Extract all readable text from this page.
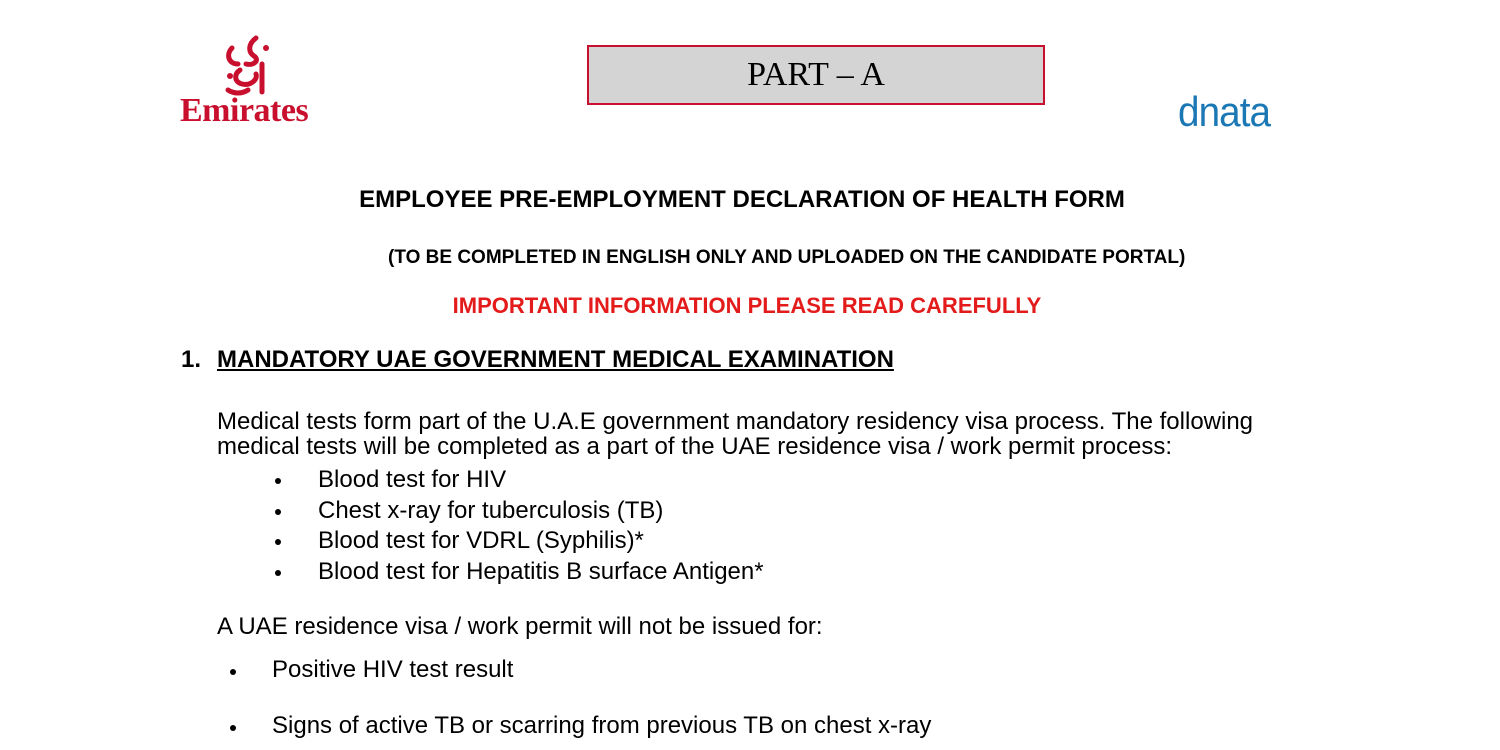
Emirates
PART – A
dnata
EMPLOYEE PRE-EMPLOYMENT DECLARATION OF HEALTH FORM
(TO BE COMPLETED IN ENGLISH ONLY AND UPLOADED ON THE CANDIDATE PORTAL)
IMPORTANT INFORMATION PLEASE READ CAREFULLY
1. MANDATORY UAE GOVERNMENT MEDICAL EXAMINATION
Medical tests form part of the U.A.E government mandatory residency visa process. The following medical tests will be completed as a part of the UAE residence visa / work permit process:
Blood test for HIV
Chest x-ray for tuberculosis (TB)
Blood test for VDRL (Syphilis)*
Blood test for Hepatitis B surface Antigen*
A UAE residence visa / work permit will not be issued for:
Positive HIV test result
Signs of active TB or scarring from previous TB on chest x-ray
